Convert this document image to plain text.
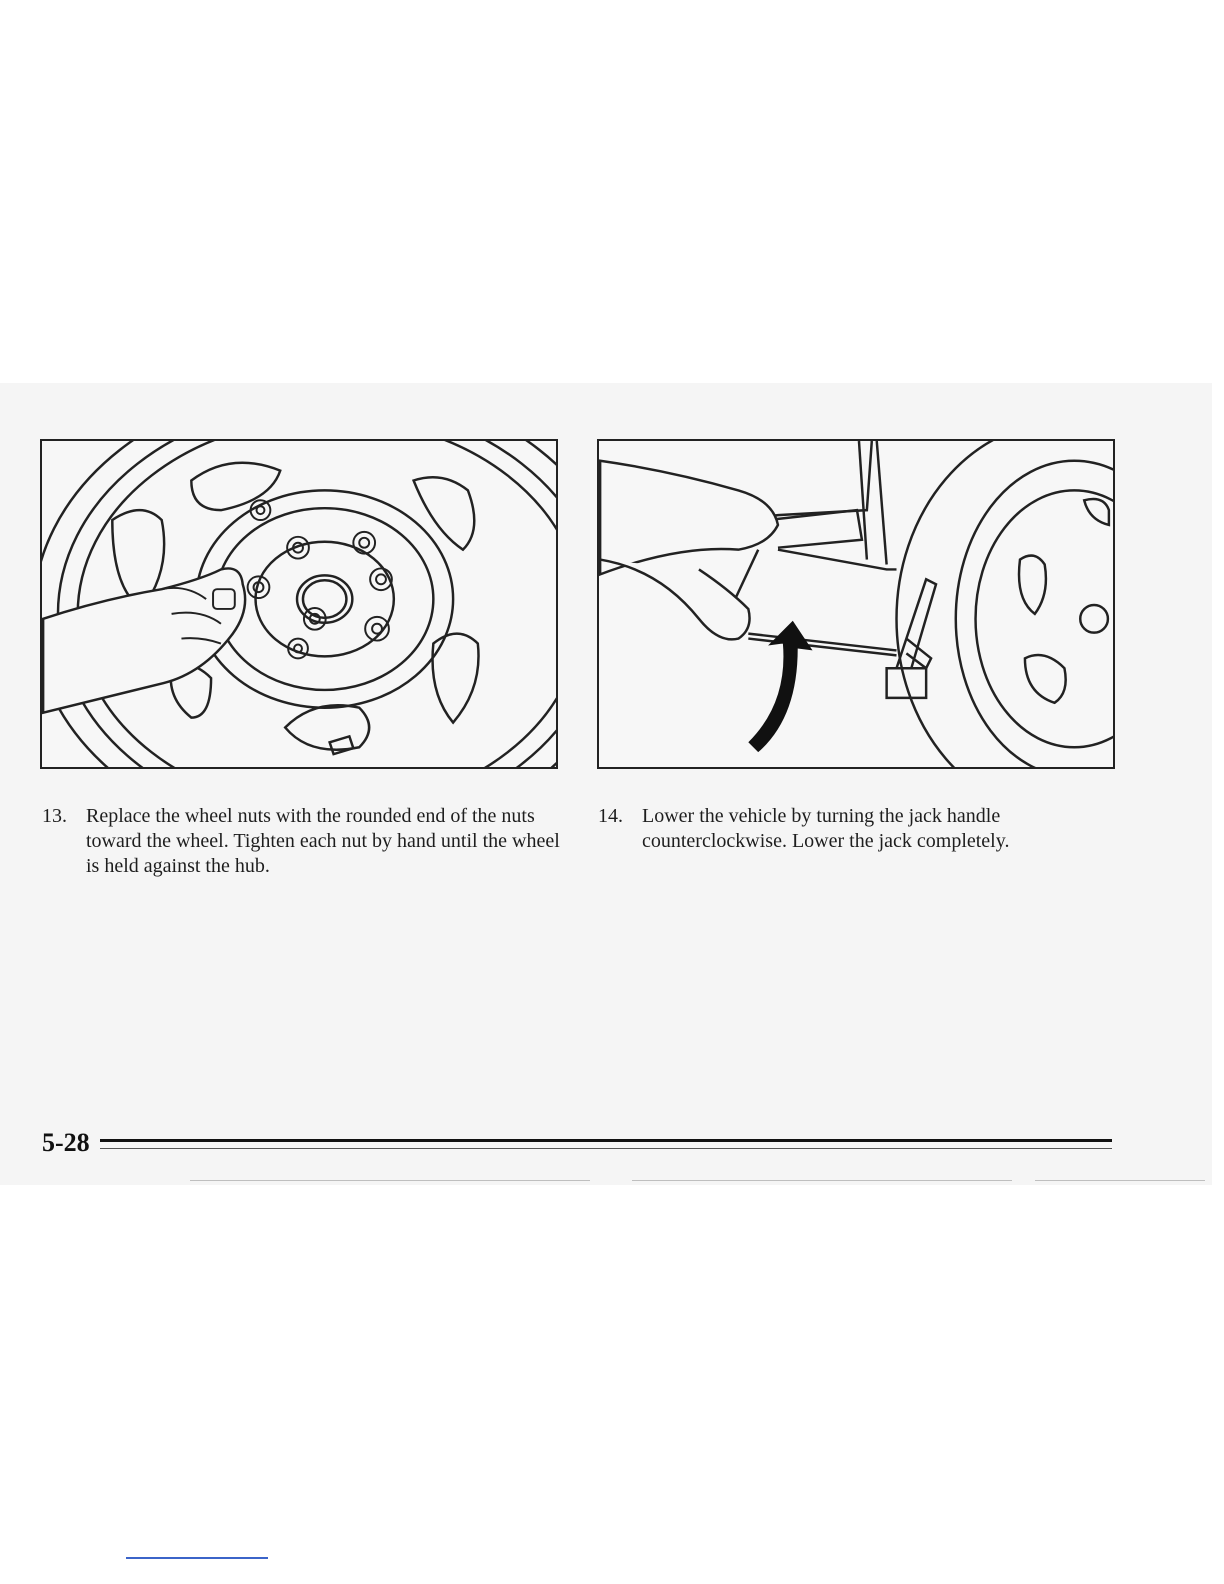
13. Replace the wheel nuts with the rounded end of the nuts toward the wheel. Tighten each nut by hand until the wheel is held against the hub.
14. Lower the vehicle by turning the jack handle counterclockwise. Lower the jack completely.
5-28
